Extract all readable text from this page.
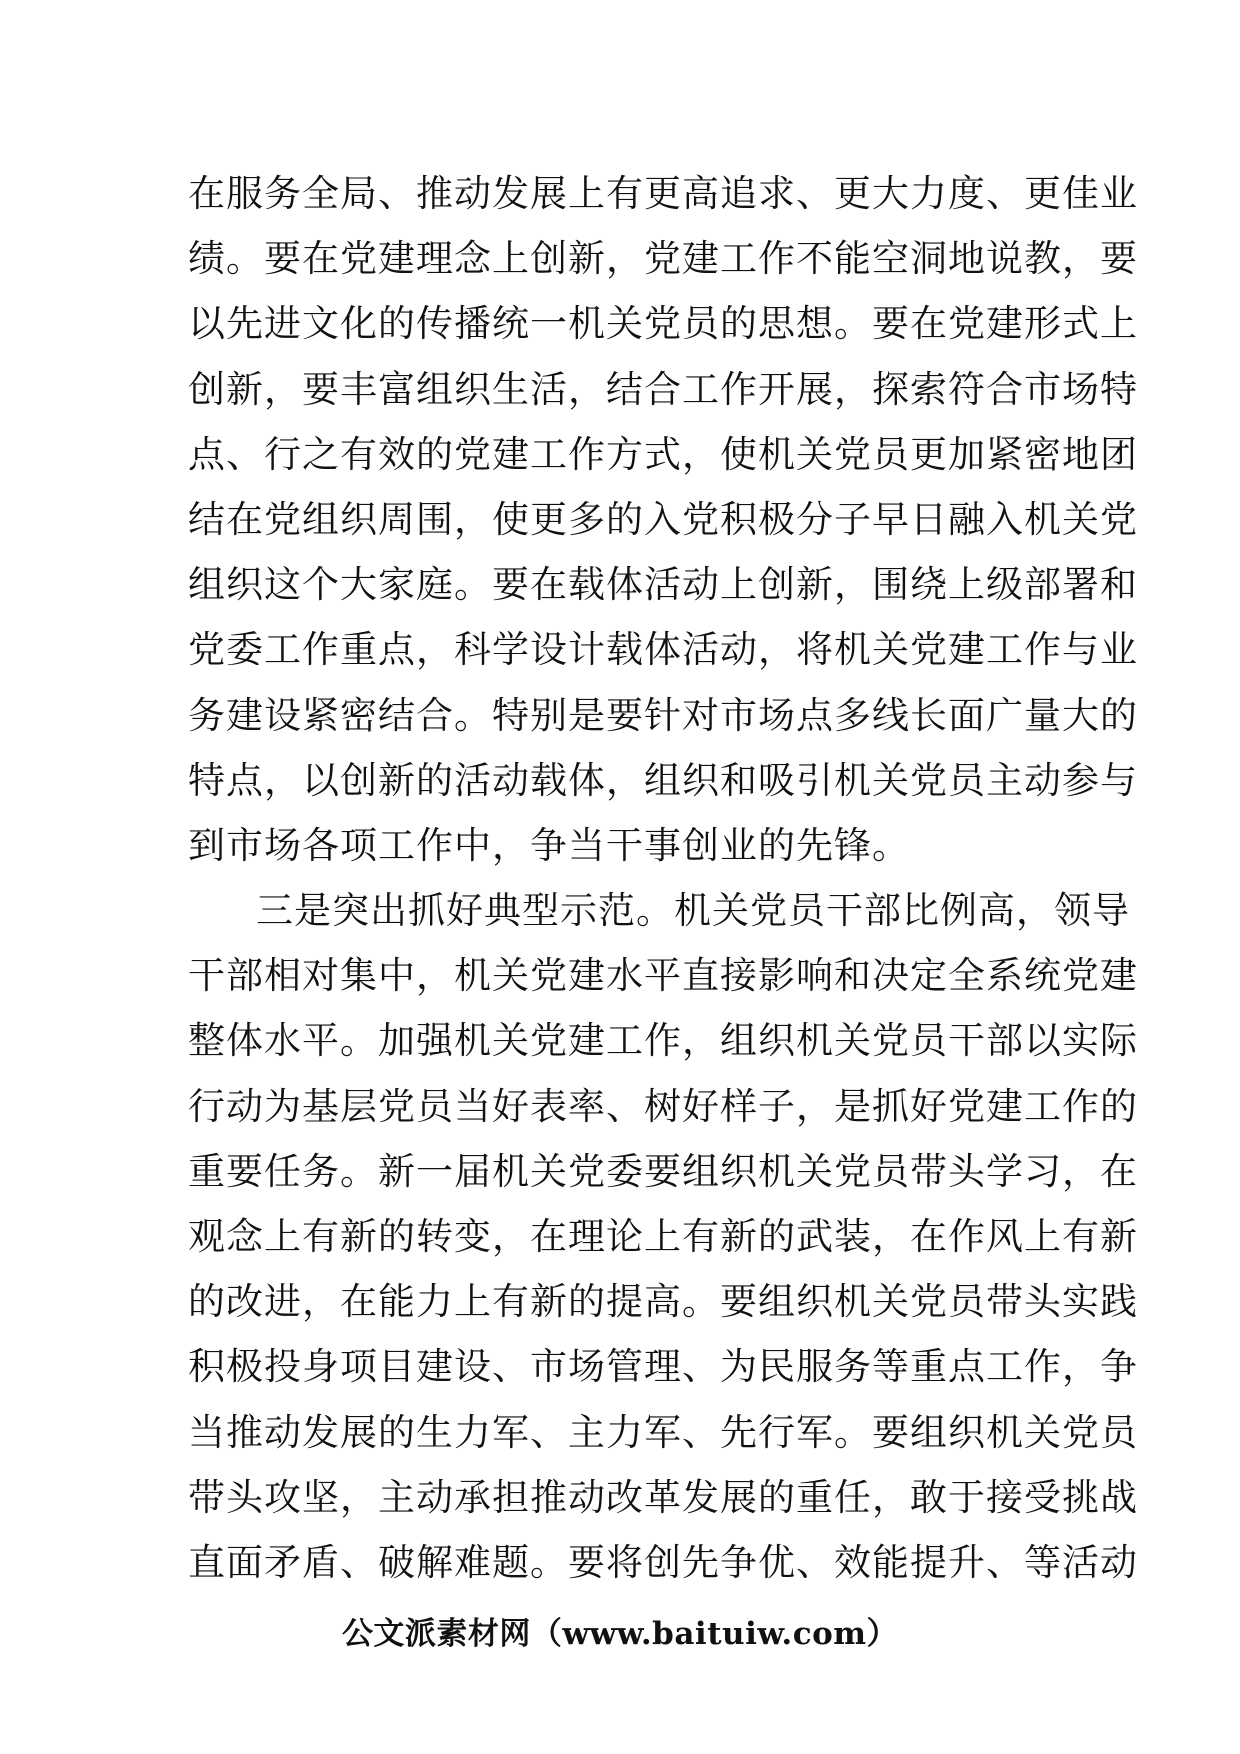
在服务全局、推动发展上有更高追求、更大力度、更佳业
绩。要在党建理念上创新，党建工作不能空洞地说教，要
以先进文化的传播统一机关党员的思想。要在党建形式上
创新，要丰富组织生活，结合工作开展，探索符合市场特
点、行之有效的党建工作方式，使机关党员更加紧密地团
结在党组织周围，使更多的入党积极分子早日融入机关党
组织这个大家庭。要在载体活动上创新，围绕上级部署和
党委工作重点，科学设计载体活动，将机关党建工作与业
务建设紧密结合。特别是要针对市场点多线长面广量大的
特点，以创新的活动载体，组织和吸引机关党员主动参与
到市场各项工作中，争当干事创业的先锋。
三是突出抓好典型示范。机关党员干部比例高，领导
干部相对集中，机关党建水平直接影响和决定全系统党建
整体水平。加强机关党建工作，组织机关党员干部以实际
行动为基层党员当好表率、树好样子，是抓好党建工作的
重要任务。新一届机关党委要组织机关党员带头学习，在
观念上有新的转变，在理论上有新的武装，在作风上有新
的改进，在能力上有新的提高。要组织机关党员带头实践
积极投身项目建设、市场管理、为民服务等重点工作，争
当推动发展的生力军、主力军、先行军。要组织机关党员
带头攻坚，主动承担推动改革发展的重任，敢于接受挑战
直面矛盾、破解难题。要将创先争优、效能提升、等活动
公文派素材网（www.baituiw.com）
